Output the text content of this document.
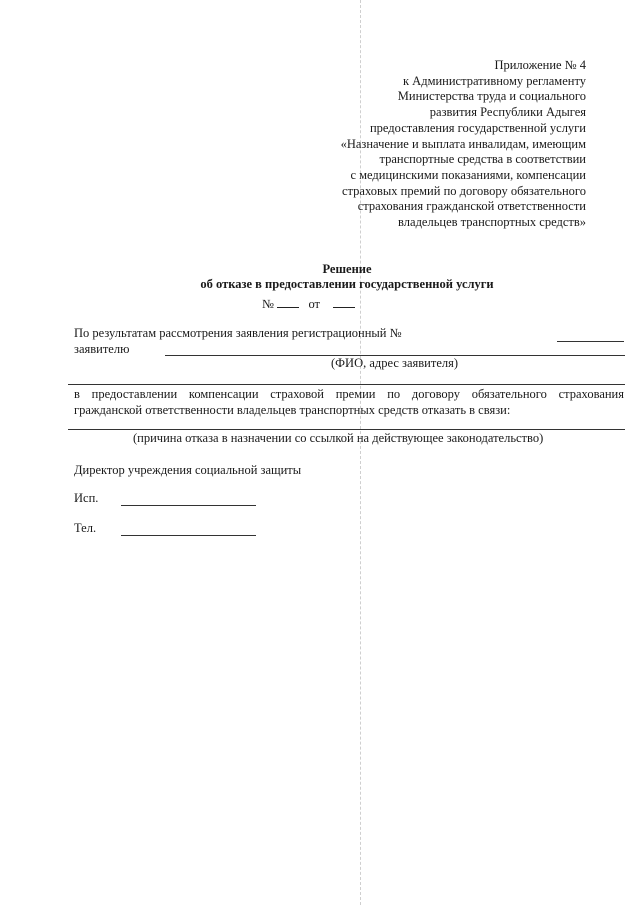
Приложение № 4
к Административному регламенту
Министерства труда и социального
развития Республики Адыгея
предоставления государственной услуги
«Назначение и выплата инвалидам, имеющим
транспортные средства в соответствии
с медицинскими показаниями, компенсации
страховых премий по договору обязательного
страхования гражданской ответственности
владельцев транспортных средств»
Решение
об отказе в предоставлении государственной услуги
№	от
По результатам рассмотрения заявления регистрационный №
заявителю
(ФИО, адрес заявителя)
в предоставлении компенсации страховой премии по договору обязательного страхования гражданской ответственности владельцев транспортных средств отказать в связи:
(причина отказа в назначении со ссылкой на действующее законодательство)
Директор учреждения социальной защиты
Исп.
Тел.
